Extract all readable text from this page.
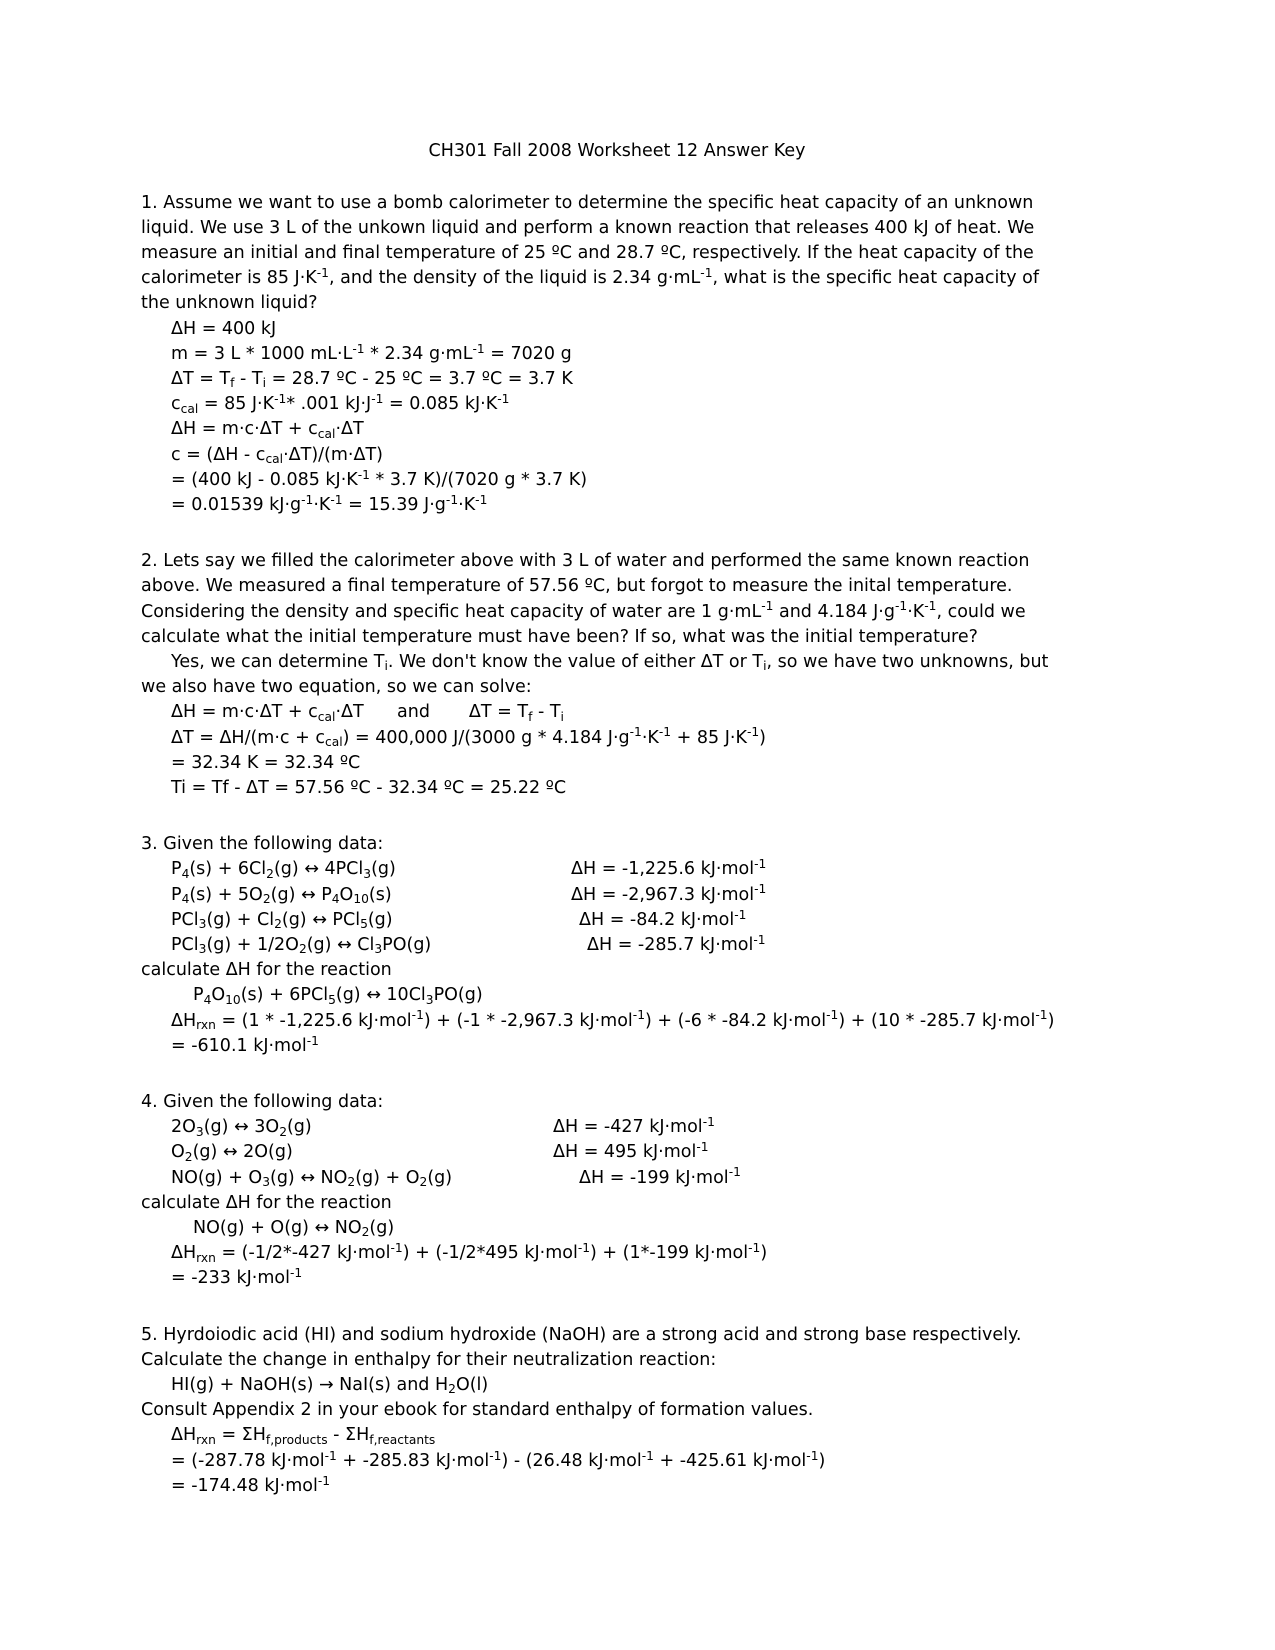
CH301 Fall 2008 Worksheet 12 Answer Key

1. Assume we want to use a bomb calorimeter to determine the specific heat capacity of an unknown liquid. We use 3 L of the unkown liquid and perform a known reaction that releases 400 kJ of heat. We measure an initial and final temperature of 25 ºC and 28.7 ºC, respectively. If the heat capacity of the calorimeter is 85 $J\cdot K^{-1}$, and the density of the liquid is 2.34 $g\cdot mL^{-1}$, what is the specific heat capacity of the unknown liquid?

ΔH = 400 kJ
m = 3 L * 1000 $mL\cdot L^{-1} * 2.34$ $g\cdot mL^{-1} = 7020$ g
$\Delta T = T_f - T_i = 28.7$ ºC - 25 ºC = 3.7 ºC = 3.7 K
$c_{cal} = 85$ $J\cdot K^{-1}*$ .001 $kJ\cdot J^{-1} = 0.085$ $kJ\cdot K^{-1}$
$\Delta H = m\cdot c\cdot\Delta T + c_{cal}\cdot\Delta T$
$c = (\Delta H - c_{cal}\cdot\Delta T)/(m\cdot\Delta T)$
= (400 kJ - 0.085 $kJ\cdot K^{-1} * 3.7$ K)/(7020 g * 3.7 K)
= 0.01539 $kJ\cdot g^{-1}\cdot K^{-1} = 15.39$ $J\cdot g^{-1}\cdot K^{-1}$

2. Lets say we filled the calorimeter above with 3 L of water and performed the same known reaction above. We measured a final temperature of 57.56 ºC, but forgot to measure the inital temperature. Considering the density and specific heat capacity of water are 1 $g\cdot mL^{-1}$ and 4.184 $J\cdot g^{-1}\cdot K^{-1}$, could we calculate what the initial temperature must have been? If so, what was the initial temperature?

Yes, we can determine $T_i$. We don't know the value of either ΔT or $T_i$, so we have two unknowns, but we also have two equation, so we can solve:

$\Delta H = m\cdot c\cdot\Delta T + c_{cal}\cdot\Delta T$      and       $\Delta T = T_f - T_i$
$\Delta T = \Delta H/(m\cdot c + c_{cal}) = 400,000$ J/(3000 g * 4.184 $J\cdot g^{-1}\cdot K^{-1} + 85$ $J\cdot K^{-1}$)
= 32.34 K = 32.34 ºC
Ti = Tf - ΔT = 57.56 ºC - 32.34 ºC = 25.22 ºC

3. Given the following data:

$P_4(s) + 6Cl_2(g)$ ↔ 4PCl$_3$(g)	ΔH = -1,225.6 kJ·mol$^{-1}$
$P_4(s) + 5O_2(g)$ ↔ $P_4O_{10}(s)$	ΔH = -2,967.3 kJ·mol$^{-1}$
$PCl_3(g) + Cl_2(g)$ ↔ PCl$_5$(g)	ΔH = -84.2 kJ·mol$^{-1}$
$PCl_3(g) + 1/2O_2(g)$ ↔ $Cl_3PO(g)$	ΔH = -285.7 kJ·mol$^{-1}$
calculate ΔH for the reaction
$P_4O_{10}(s) + 6PCl_5(g)$ ↔ $10Cl_3PO(g)$

$\Delta H_{rxn} = (1 * -1,225.6$ kJ·mol$^{-1}$) + (-1 * -2,967.3 kJ·mol$^{-1}$) + (-6 * -84.2 kJ·mol$^{-1}$) + (10 * -285.7 kJ·mol$^{-1}$)

= -610.1 kJ·mol$^{-1}$

4. Given the following data:

$2O_3(g)$ ↔ $3O_2(g)$	ΔH = -427 kJ·mol$^{-1}$
$O_2(g)$ ↔ 2O(g)	ΔH = 495 kJ·mol$^{-1}$
$NO(g) + O_3(g)$ ↔ $NO_2(g) + O_2(g)$	ΔH = -199 kJ·mol$^{-1}$
calculate ΔH for the reaction
NO(g) + O(g) ↔ $NO_2(g)$
$\Delta H_{rxn} = (-1/2*-427$ kJ·mol$^{-1}$) + (-1/2*495 kJ·mol$^{-1}$) + (1*-199 kJ·mol$^{-1}$)
= -233 kJ·mol$^{-1}$

5. Hyrdoiodic acid (HI) and sodium hydroxide (NaOH) are a strong acid and strong base respectively. Calculate the change in enthalpy for their neutralization reaction:

HI(g) + NaOH(s) → NaI(s) and $H_2O(l)$
Consult Appendix 2 in your ebook for standard enthalpy of formation values.
$\Delta H_{rxn} = \Sigma H_{f,products} - \Sigma H_{f,reactants}$
= (-287.78 kJ·mol$^{-1}$ + -285.83 kJ·mol$^{-1}$) - (26.48 kJ·mol$^{-1}$ + -425.61 kJ·mol$^{-1}$)
= -174.48 kJ·mol$^{-1}$
